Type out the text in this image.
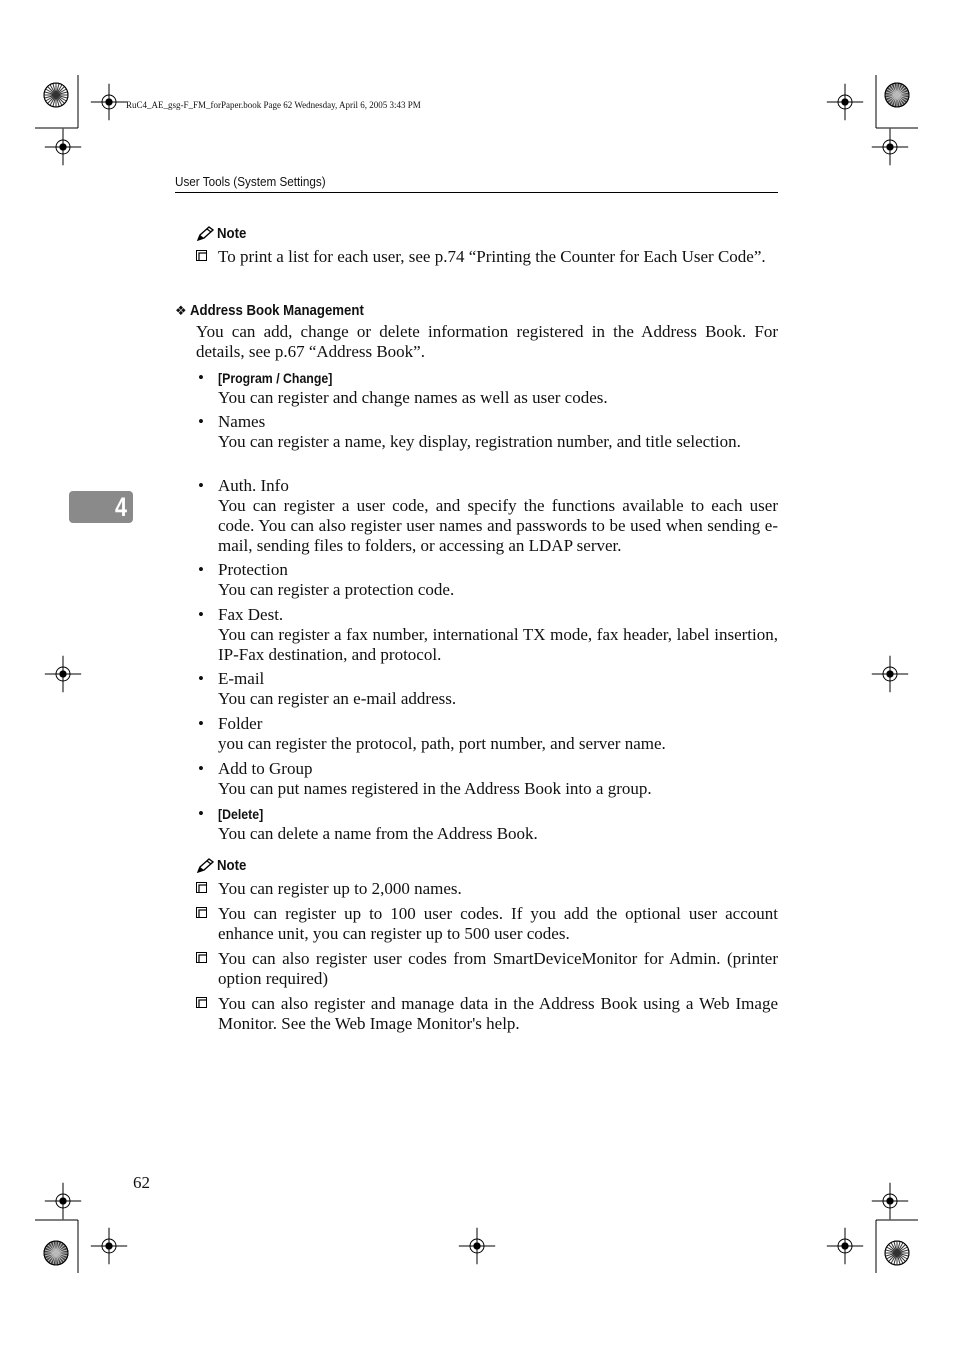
RuC4_AE_gsg-F_FM_forPaper.book Page 62 Wednesday, April 6, 2005 3:43 PM
User Tools (System Settings)
4
Note
To print a list for each user, see p.74 “Printing the Counter for Each User Code”.
❖ Address Book Management
You can add, change or delete information registered in the Address Book. For details, see p.67 “Address Book”.
• [Program / Change]
You can register and change names as well as user codes.
• Names
You can register a name, key display, registration number, and title selection.
• Auth. Info
You can register a user code, and specify the functions available to each user code. You can also register user names and passwords to be used when sending e-mail, sending files to folders, or accessing an LDAP server.
• Protection
You can register a protection code.
• Fax Dest.
You can register a fax number, international TX mode, fax header, label insertion, IP-Fax destination, and protocol.
• E-mail
You can register an e-mail address.
• Folder
you can register the protocol, path, port number, and server name.
• Add to Group
You can put names registered in the Address Book into a group.
• [Delete]
You can delete a name from the Address Book.
Note
You can register up to 2,000 names.
You can register up to 100 user codes. If you add the optional user account enhance unit, you can register up to 500 user codes.
You can also register user codes from SmartDeviceMonitor for Admin. (printer option required)
You can also register and manage data in the Address Book using a Web Image Monitor. See the Web Image Monitor's help.
62
